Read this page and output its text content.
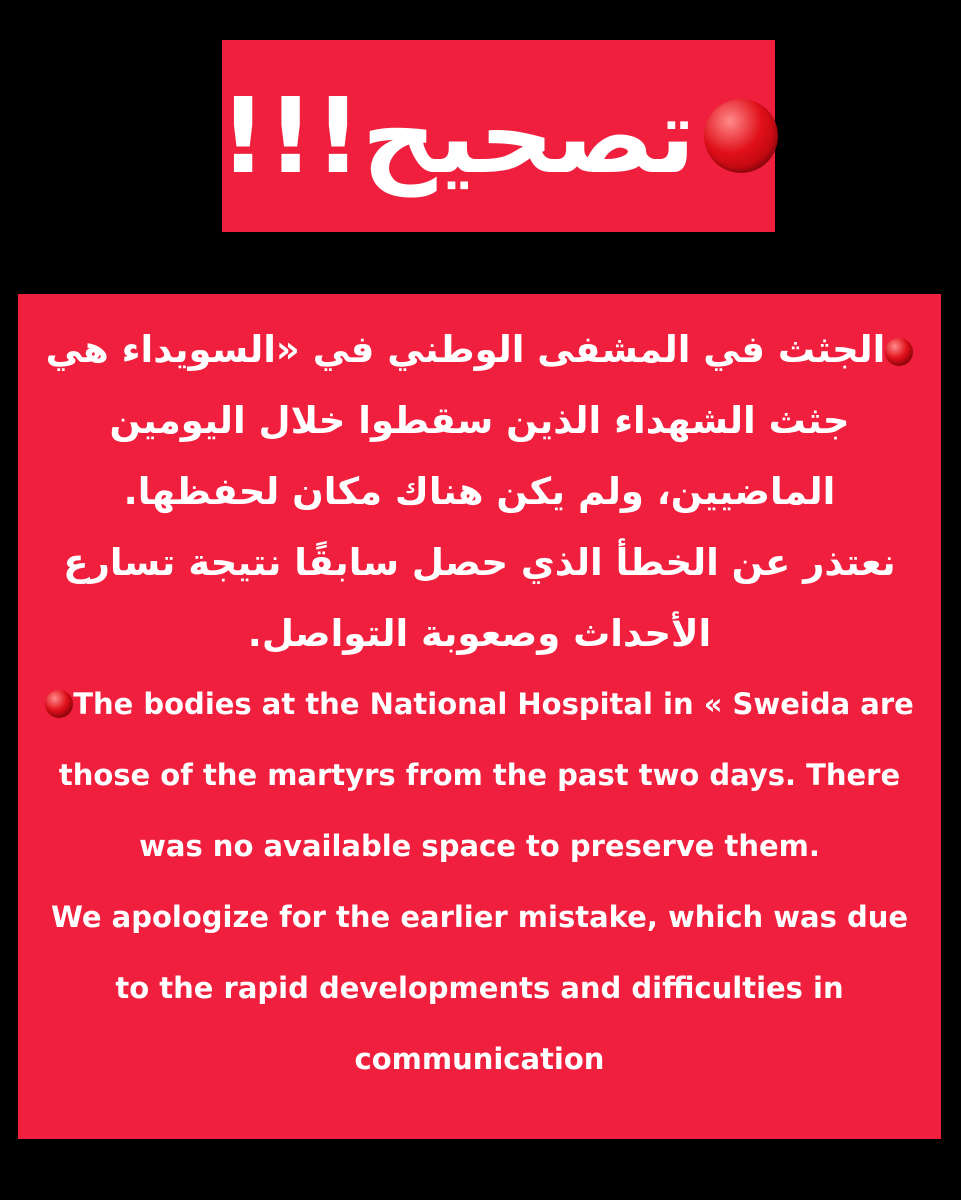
تصحيح!!!
الجثث في المشفى الوطني في «السويداء هي
جثث الشهداء الذين سقطوا خلال اليومين
الماضيين، ولم يكن هناك مكان لحفظها.
نعتذر عن الخطأ الذي حصل سابقًا نتيجة تسارع
الأحداث وصعوبة التواصل.
The bodies at the National Hospital in « Sweida are
those of the martyrs from the past two days. There
was no available space to preserve them.
We apologize for the earlier mistake, which was due
to the rapid developments and difficulties in
communication
